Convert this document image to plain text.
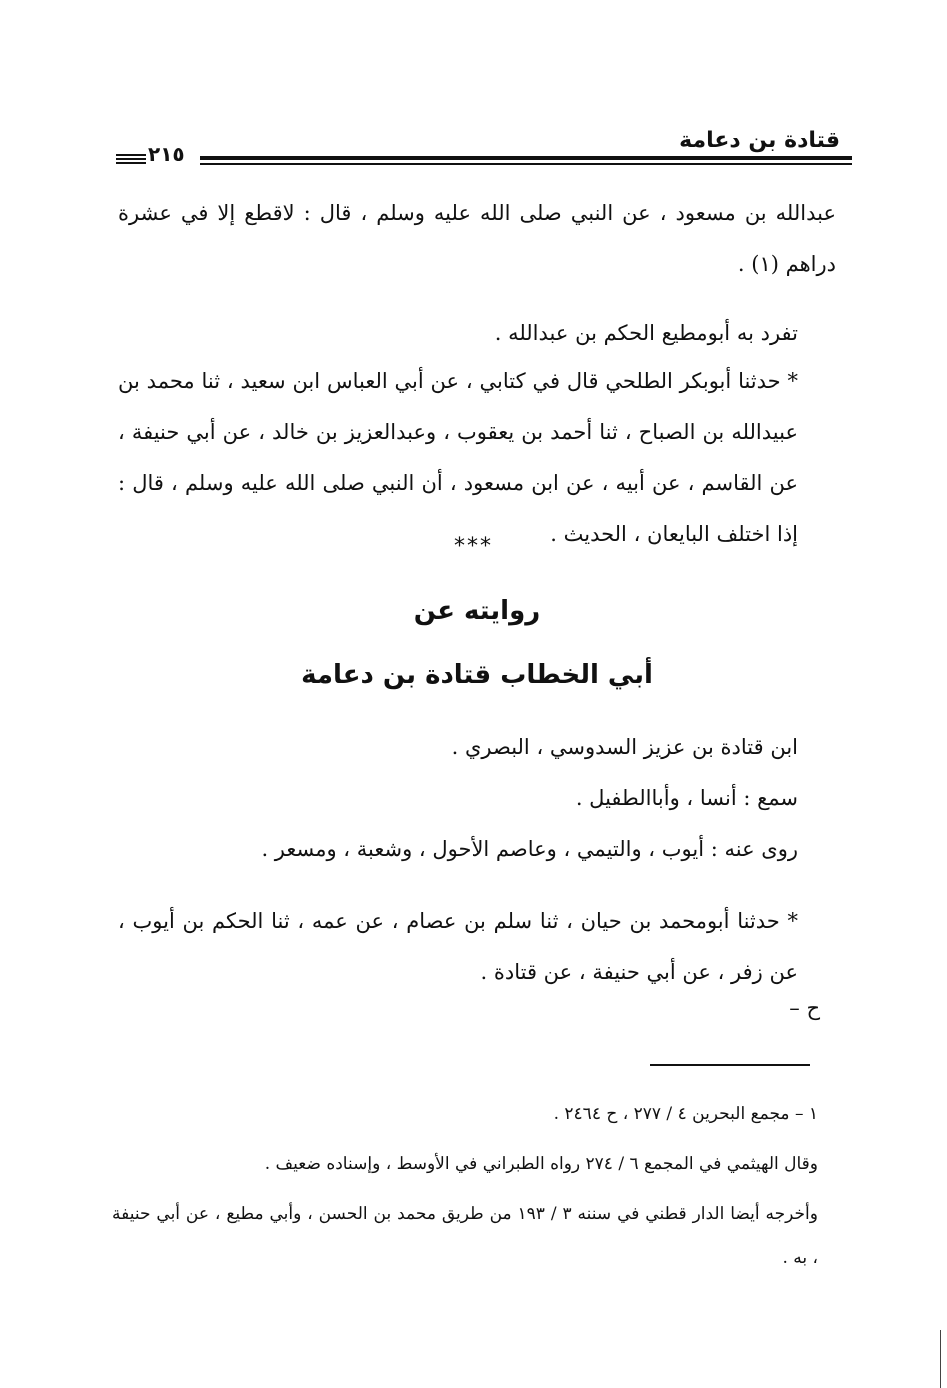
قتادة بن دعامة
٢١٥

عبدالله بن مسعود ، عن النبي صلى الله عليه وسلم ، قال : لاقطع إلا في عشرة دراهم (١) .

تفرد به أبومطيع الحكم بن عبدالله .

* حدثنا أبوبكر الطلحي قال في كتابي ، عن أبي العباس ابن سعيد ، ثنا محمد بن عبيدالله بن الصباح ، ثنا أحمد بن يعقوب ، وعبدالعزيز بن خالد ، عن أبي حنيفة ، عن القاسم ، عن أبيه ، عن ابن مسعود ، أن النبي صلى الله عليه وسلم ، قال : إذا اختلف البايعان ، الحديث .

***
روايته عن
أبي الخطاب قتادة بن دعامة

ابن قتادة بن عزيز السدوسي ، البصري .

سمع : أنسا ، وأباالطفيل .

روى عنه : أيوب ، والتيمي ، وعاصم الأحول ، وشعبة ، ومسعر .

* حدثنا أبومحمد بن حيان ، ثنا سلم بن عصام ، عن عمه ، ثنا الحكم بن أيوب ، عن زفر ، عن أبي حنيفة ، عن قتادة .

ح –

١ – مجمع البحرين ٤ / ٢٧٧ ، ح ٢٤٦٤ .

وقال الهيثمي في المجمع ٦ / ٢٧٤ رواه الطبراني في الأوسط ، وإسناده ضعيف .

وأخرجه أيضا الدار قطني في سننه ٣ / ١٩٣ من طريق محمد بن الحسن ، وأبي مطيع ، عن أبي حنيفة ، به .
